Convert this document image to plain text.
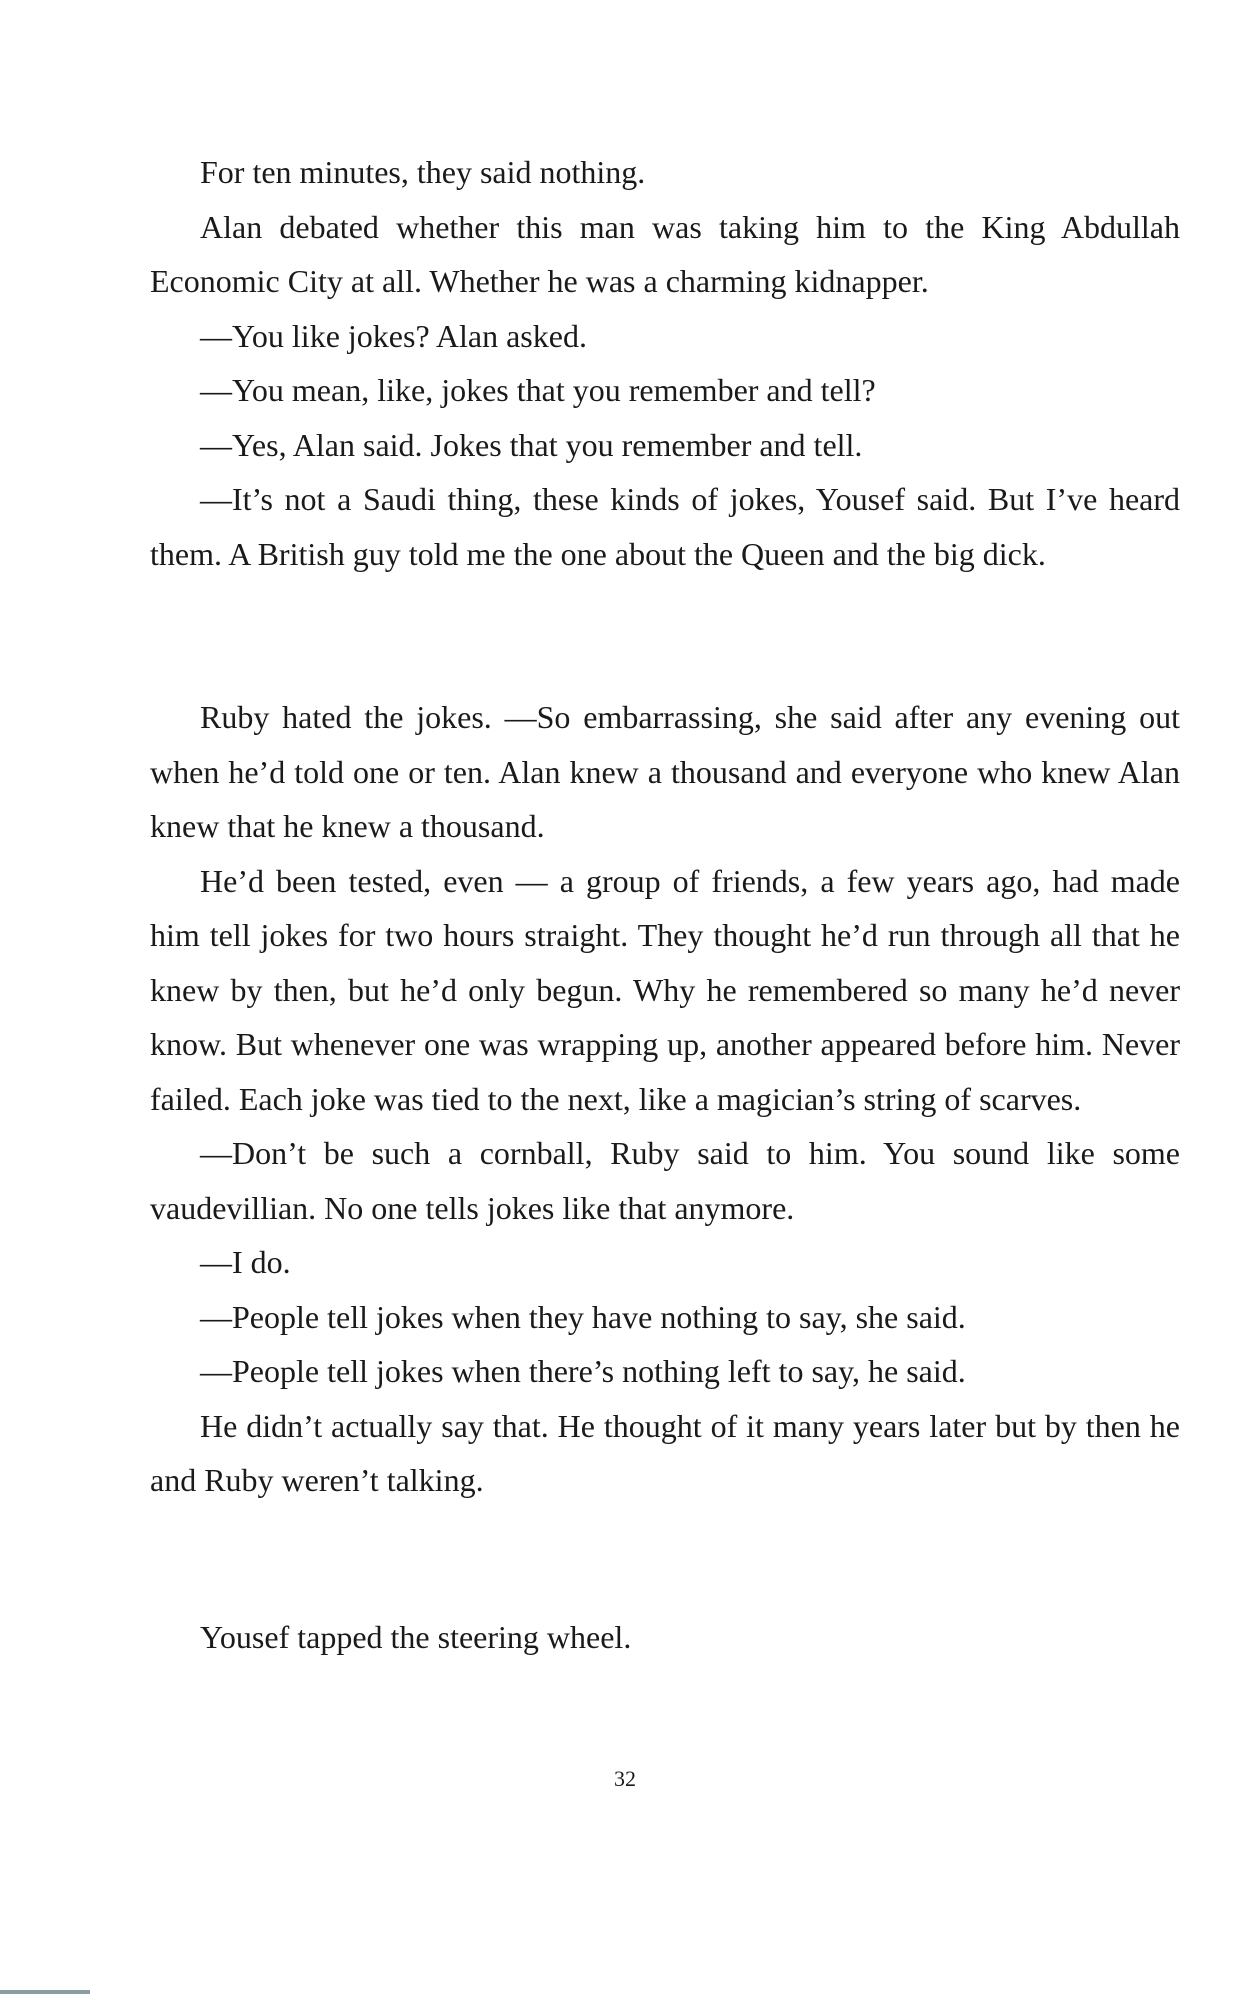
For ten minutes, they said nothing.

Alan debated whether this man was taking him to the King Abdullah Economic City at all. Whether he was a charming kidnapper.

—You like jokes? Alan asked.

—You mean, like, jokes that you remember and tell?

—Yes, Alan said. Jokes that you remember and tell.

—It’s not a Saudi thing, these kinds of jokes, Yousef said. But I’ve heard them. A British guy told me the one about the Queen and the big dick.

Ruby hated the jokes. —So embarrassing, she said after any evening out when he’d told one or ten. Alan knew a thousand and everyone who knew Alan knew that he knew a thousand.

He’d been tested, even — a group of friends, a few years ago, had made him tell jokes for two hours straight. They thought he’d run through all that he knew by then, but he’d only begun. Why he remembered so many he’d never know. But whenever one was wrapping up, another appeared before him. Never failed. Each joke was tied to the next, like a magician’s string of scarves.

—Don’t be such a cornball, Ruby said to him. You sound like some vaudevillian. No one tells jokes like that anymore.

—I do.

—People tell jokes when they have nothing to say, she said.

—People tell jokes when there’s nothing left to say, he said.

He didn’t actually say that. He thought of it many years later but by then he and Ruby weren’t talking.

Yousef tapped the steering wheel.

32
